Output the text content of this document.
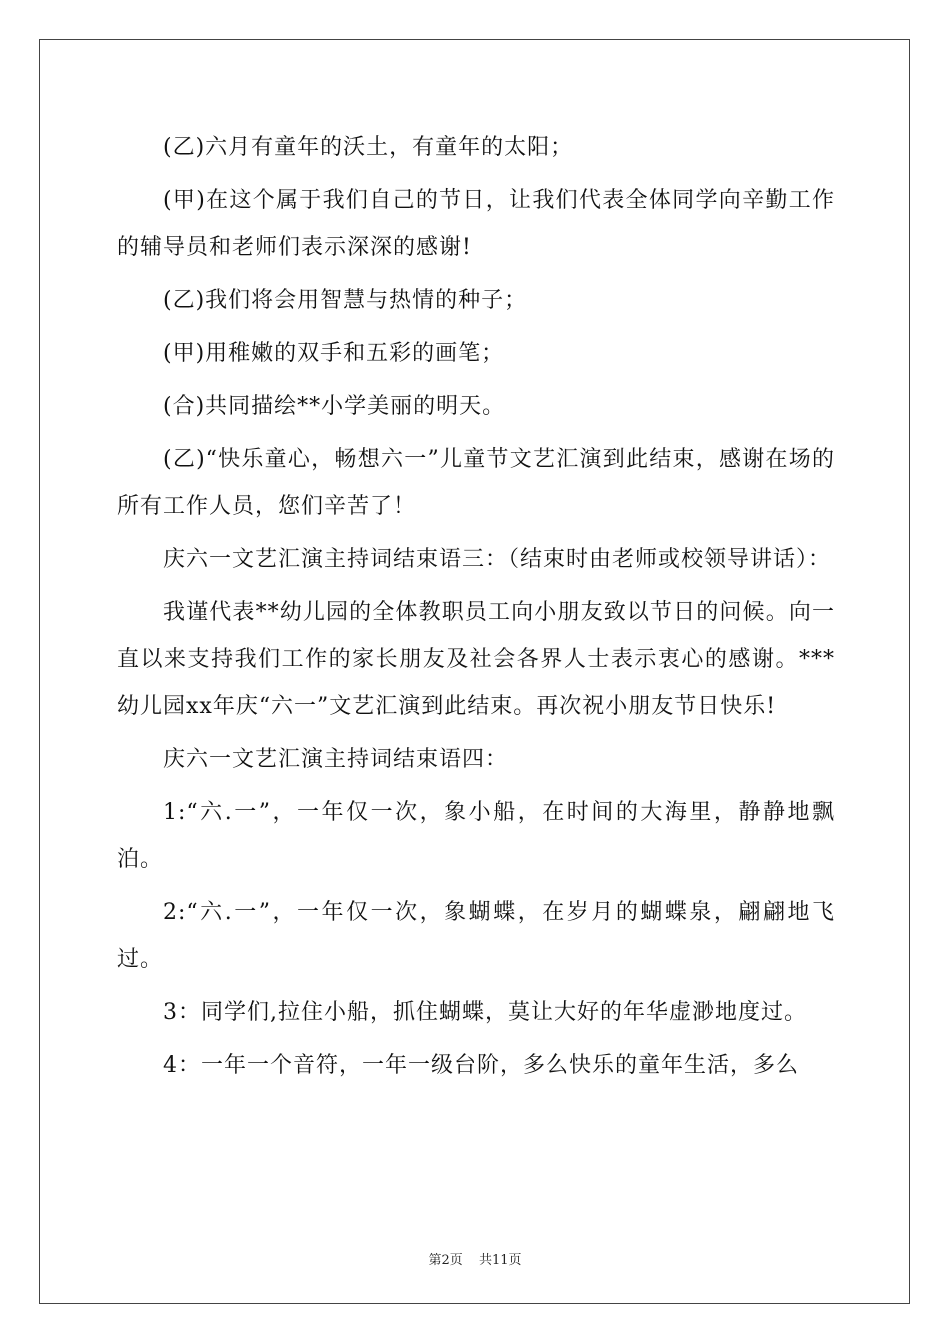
(乙)六月有童年的沃土，有童年的太阳；

(甲)在这个属于我们自己的节日，让我们代表全体同学向辛勤工作的辅导员和老师们表示深深的感谢!

(乙)我们将会用智慧与热情的种子；

(甲)用稚嫩的双手和五彩的画笔；

(合)共同描绘**小学美丽的明天。

(乙)“快乐童心，畅想六一”儿童节文艺汇演到此结束，感谢在场的所有工作人员，您们辛苦了！

庆六一文艺汇演主持词结束语三：（结束时由老师或校领导讲话）：

我谨代表**幼儿园的全体教职员工向小朋友致以节日的问候。向一直以来支持我们工作的家长朋友及社会各界人士表示衷心的感谢。***幼儿园xx年庆“六一”文艺汇演到此结束。再次祝小朋友节日快乐!

庆六一文艺汇演主持词结束语四：

1:“六.一”，一年仅一次，象小船，在时间的大海里，静静地飘泊。

2:“六.一”，一年仅一次，象蝴蝶，在岁月的蝴蝶泉，翩翩地飞过。

3：同学们,拉住小船，抓住蝴蝶，莫让大好的年华虚渺地度过。

4：一年一个音符，一年一级台阶，多么快乐的童年生活，多么

第2页 共11页
